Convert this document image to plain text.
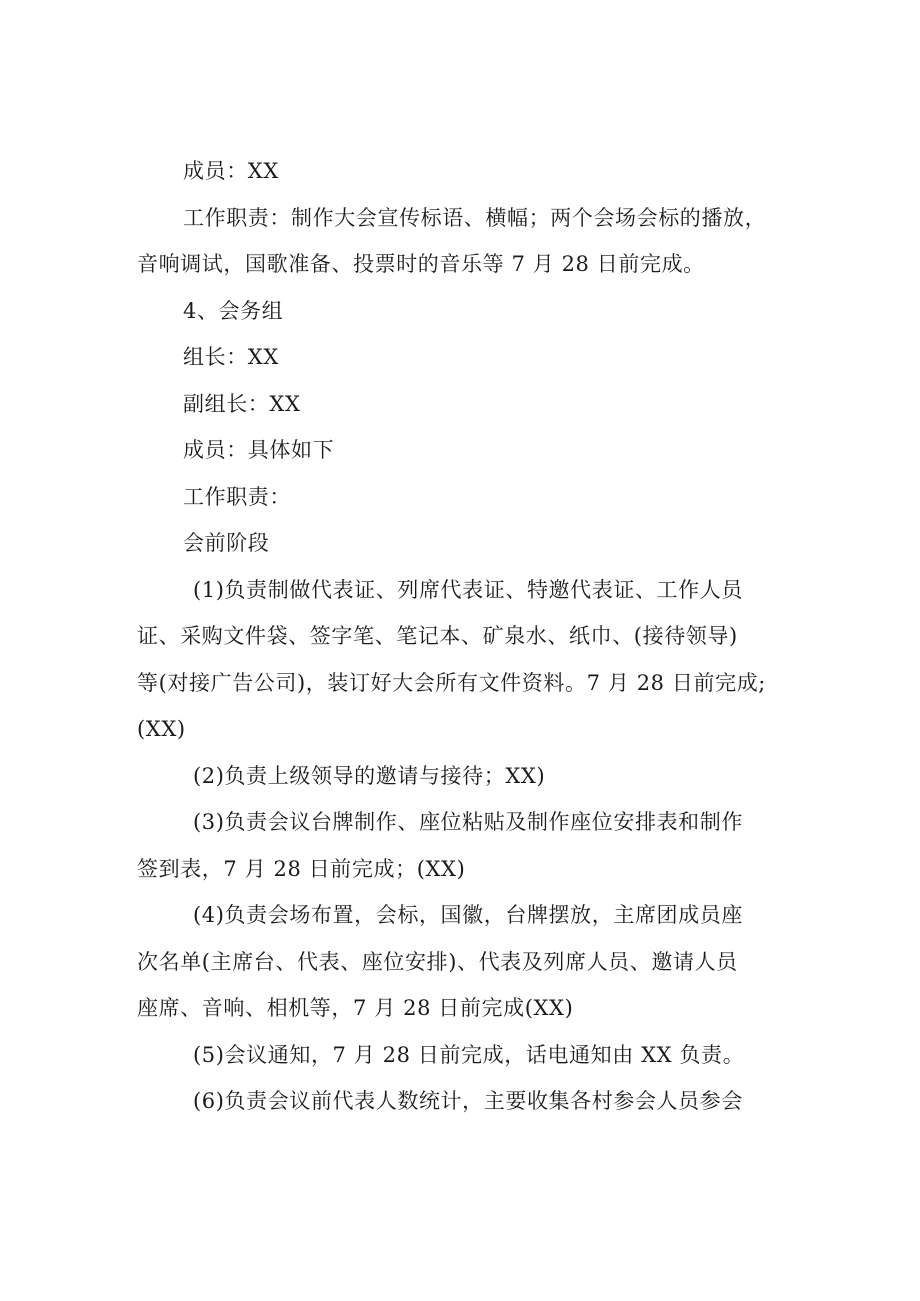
成员：XX

工作职责：制作大会宣传标语、横幅；两个会场会标的播放，
音响调试，国歌准备、投票时的音乐等 7 月 28 日前完成。

4、会务组

组长：XX

副组长：XX

成员：具体如下

工作职责：

会前阶段

(1)负责制做代表证、列席代表证、特邀代表证、工作人员
证、采购文件袋、签字笔、笔记本、矿泉水、纸巾、(接待领导)
等(对接广告公司)，装订好大会所有文件资料。7 月 28 日前完成;
(XX)

(2)负责上级领导的邀请与接待；XX)

(3)负责会议台牌制作、座位粘贴及制作座位安排表和制作
签到表，7 月 28 日前完成；(XX)

(4)负责会场布置，会标，国徽，台牌摆放，主席团成员座
次名单(主席台、代表、座位安排)、代表及列席人员、邀请人员
座席、音响、相机等，7 月 28 日前完成(XX)

(5)会议通知，7 月 28 日前完成，话电通知由 XX 负责。

(6)负责会议前代表人数统计，主要收集各村参会人员参会
